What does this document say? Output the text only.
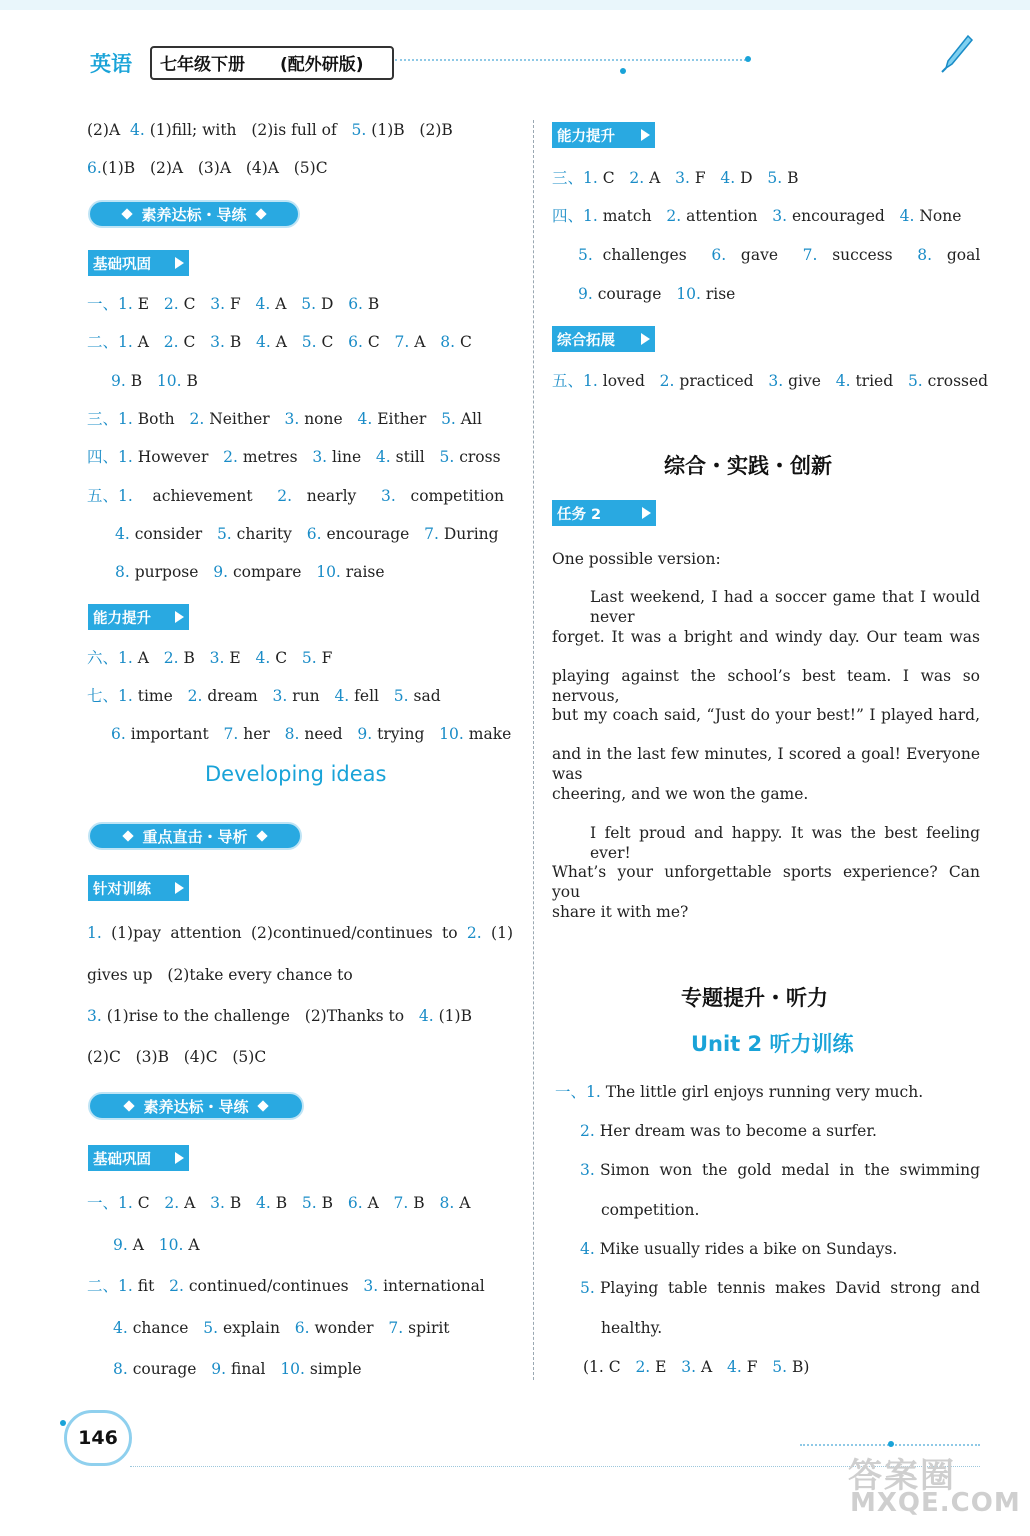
英语 七年级下册 (配外研版)
(2)A 4. (1)fill; with (2)is full of 5. (1)B (2)B
6.(1)B (2)A (3)A (4)A (5)C
素养达标・导练
基础巩固
一、1. E 2. C 3. F 4. A 5. D 6. B
二、1. A 2. C 3. B 4. A 5. C 6. C 7. A 8. C
9. B 10. B
三、1. Both 2. Neither 3. none 4. Either 5. All
四、1. However 2. metres 3. line 4. still 5. cross
五、1. achievement 2. nearly 3. competition
4. consider 5. charity 6. encourage 7. During
8. purpose 9. compare 10. raise
能力提升
六、1. A 2. B 3. E 4. C 5. F
七、1. time 2. dream 3. run 4. fell 5. sad
6. important 7. her 8. need 9. trying 10. make
Developing ideas
重点直击・导析
针对训练
1. (1)pay attention (2)continued/continues to 2. (1)
gives up (2)take every chance to
3. (1)rise to the challenge (2)Thanks to 4. (1)B
(2)C (3)B (4)C (5)C
素养达标・导练
基础巩固
一、1. C 2. A 3. B 4. B 5. B 6. A 7. B 8. A
9. A 10. A
二、1. fit 2. continued/continues 3. international
4. chance 5. explain 6. wonder 7. spirit
8. courage 9. final 10. simple
能力提升
三、1. C 2. A 3. F 4. D 5. B
四、1. match 2. attention 3. encouraged 4. None
5. challenges 6. gave 7. success 8. goal
9. courage 10. rise
综合拓展
五、1. loved 2. practiced 3. give 4. tried 5. crossed
综合・实践・创新
任务 2
One possible version:
Last weekend, I had a soccer game that I would never
forget. It was a bright and windy day. Our team was
playing against the school’s best team. I was so nervous,
but my coach said, “Just do your best!” I played hard,
and in the last few minutes, I scored a goal! Everyone was
cheering, and we won the game.
I felt proud and happy. It was the best feeling ever!
What’s your unforgettable sports experience? Can you
share it with me?
专题提升・听力
Unit 2 听力训练
一、1. The little girl enjoys running very much.
2. Her dream was to become a surfer.
3. Simon won the gold medal in the swimming
competition.
4. Mike usually rides a bike on Sundays.
5. Playing table tennis makes David strong and
healthy.
(1. C 2. E 3. A 4. F 5. B)
146
答案圈
MXQE.COM
